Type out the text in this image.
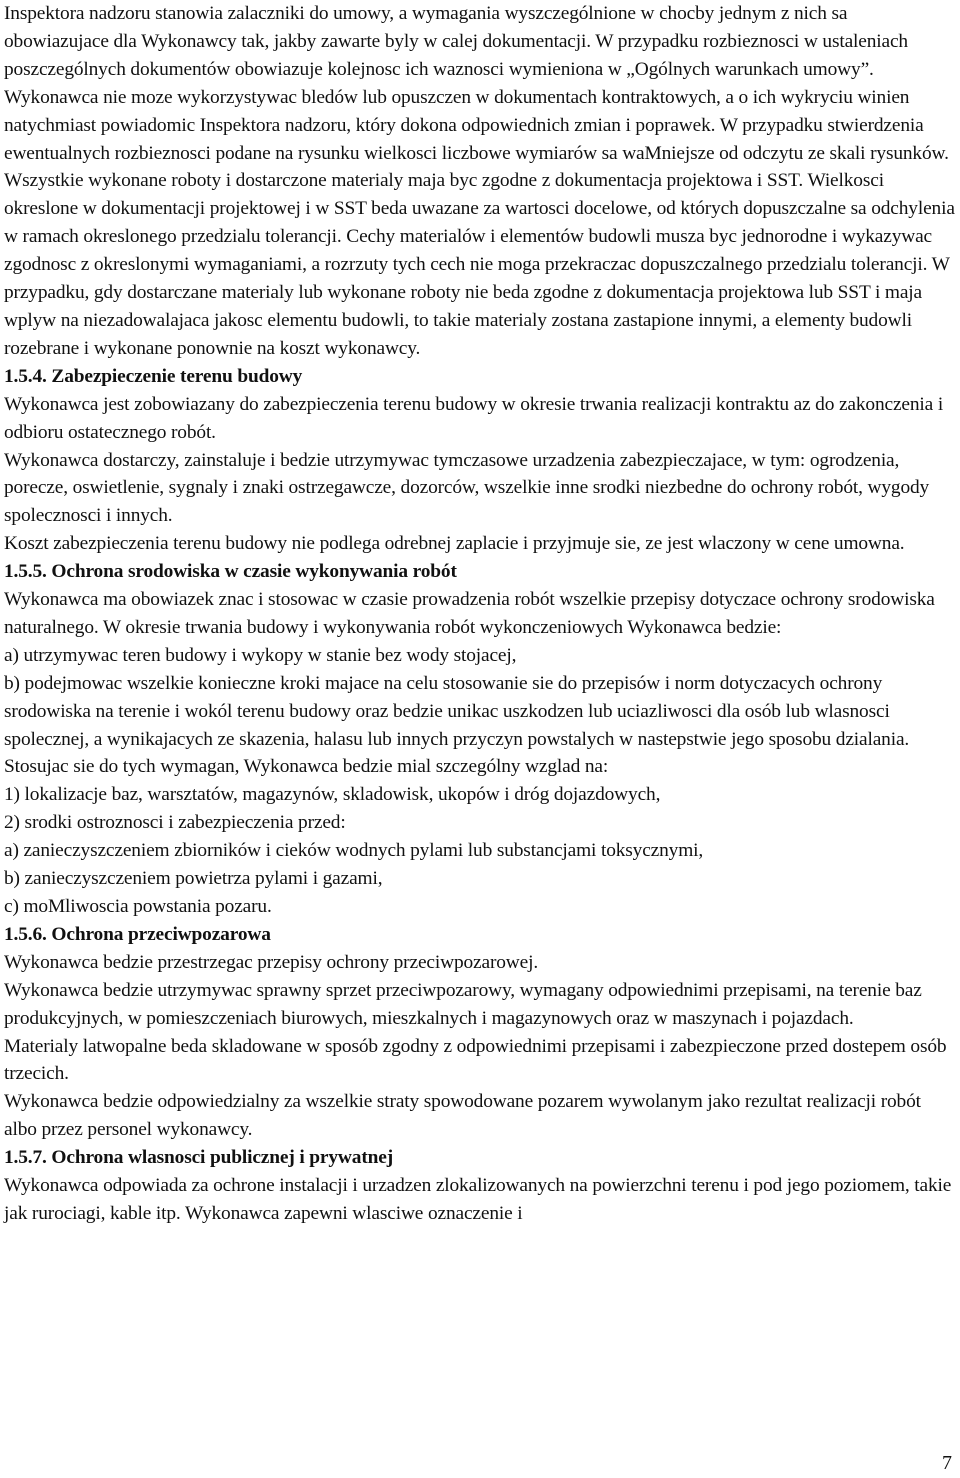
Inspektora nadzoru stanowia zalaczniki do umowy, a wymagania wyszczególnione w chocby jednym z nich sa obowiazujace dla Wykonawcy tak, jakby zawarte byly w calej dokumentacji. W przypadku rozbieznosci w ustaleniach poszczególnych dokumentów obowiazuje kolejnosc ich waznosci wymieniona w „Ogólnych warunkach umowy”. Wykonawca nie moze wykorzystywac bledów lub opuszczen w dokumentach kontraktowych, a o ich wykryciu winien natychmiast powiadomic Inspektora nadzoru, który dokona odpowiednich zmian i poprawek. W przypadku stwierdzenia ewentualnych rozbieznosci podane na rysunku wielkosci liczbowe wymiarów sa waMniejsze od odczytu ze skali rysunków. Wszystkie wykonane roboty i dostarczone materialy maja byc zgodne z dokumentacja projektowa i SST. Wielkosci okreslone w dokumentacji projektowej i w SST beda uwazane za wartosci docelowe, od których dopuszczalne sa odchylenia w ramach okreslonego przedzialu tolerancji. Cechy materialów i elementów budowli musza byc jednorodne i wykazywac zgodnosc z okreslonymi wymaganiami, a rozrzuty tych cech nie moga przekraczac dopuszczalnego przedzialu tolerancji. W przypadku, gdy dostarczane materialy lub wykonane roboty nie beda zgodne z dokumentacja projektowa lub SST i maja wplyw na niezadowalajaca jakosc elementu budowli, to takie materialy zostana zastapione innymi, a elementy budowli rozebrane i wykonane ponownie na koszt wykonawcy.

1.5.4. Zabezpieczenie terenu budowy

Wykonawca jest zobowiazany do zabezpieczenia terenu budowy w okresie trwania realizacji kontraktu az do zakonczenia i odbioru ostatecznego robót.

Wykonawca dostarczy, zainstaluje i bedzie utrzymywac tymczasowe urzadzenia zabezpieczajace, w tym: ogrodzenia, porecze, oswietlenie, sygnaly i znaki ostrzegawcze, dozorców, wszelkie inne srodki niezbedne do ochrony robót, wygody spolecznosci i innych.

Koszt zabezpieczenia terenu budowy nie podlega odrebnej zaplacie i przyjmuje sie, ze jest wlaczony w cene umowna.

1.5.5. Ochrona srodowiska w czasie wykonywania robót

Wykonawca ma obowiazek znac i stosowac w czasie prowadzenia robót wszelkie przepisy dotyczace ochrony srodowiska naturalnego. W okresie trwania budowy i wykonywania robót wykonczeniowych Wykonawca bedzie:

a) utrzymywac teren budowy i wykopy w stanie bez wody stojacej,

b) podejmowac wszelkie konieczne kroki majace na celu stosowanie sie do przepisów i norm dotyczacych ochrony srodowiska na terenie i wokól terenu budowy oraz bedzie unikac uszkodzen lub uciazliwosci dla osób lub wlasnosci spolecznej, a wynikajacych ze skazenia, halasu lub innych przyczyn powstalych w nastepstwie jego sposobu dzialania.

Stosujac sie do tych wymagan, Wykonawca bedzie mial szczególny wzglad na:

1) lokalizacje baz, warsztatów, magazynów, skladowisk, ukopów i dróg dojazdowych,

2) srodki ostroznosci i zabezpieczenia przed:

a) zanieczyszczeniem zbiorników i cieków wodnych pylami lub substancjami toksycznymi,

b) zanieczyszczeniem powietrza pylami i gazami,

c) moMliwoscia powstania pozaru.

1.5.6. Ochrona przeciwpozarowa

Wykonawca bedzie przestrzegac przepisy ochrony przeciwpozarowej.

Wykonawca bedzie utrzymywac sprawny sprzet przeciwpozarowy, wymagany odpowiednimi przepisami, na terenie baz produkcyjnych, w pomieszczeniach biurowych, mieszkalnych i magazynowych oraz w maszynach i pojazdach.

Materialy latwopalne beda skladowane w sposób zgodny z odpowiednimi przepisami i zabezpieczone przed dostepem osób trzecich.

Wykonawca bedzie odpowiedzialny za wszelkie straty spowodowane pozarem wywolanym jako rezultat realizacji robót albo przez personel wykonawcy.

1.5.7. Ochrona wlasnosci publicznej i prywatnej

Wykonawca odpowiada za ochrone instalacji i urzadzen zlokalizowanych na powierzchni terenu i pod jego poziomem, takie jak rurociagi, kable itp. Wykonawca zapewni wlasciwe oznaczenie i

7
